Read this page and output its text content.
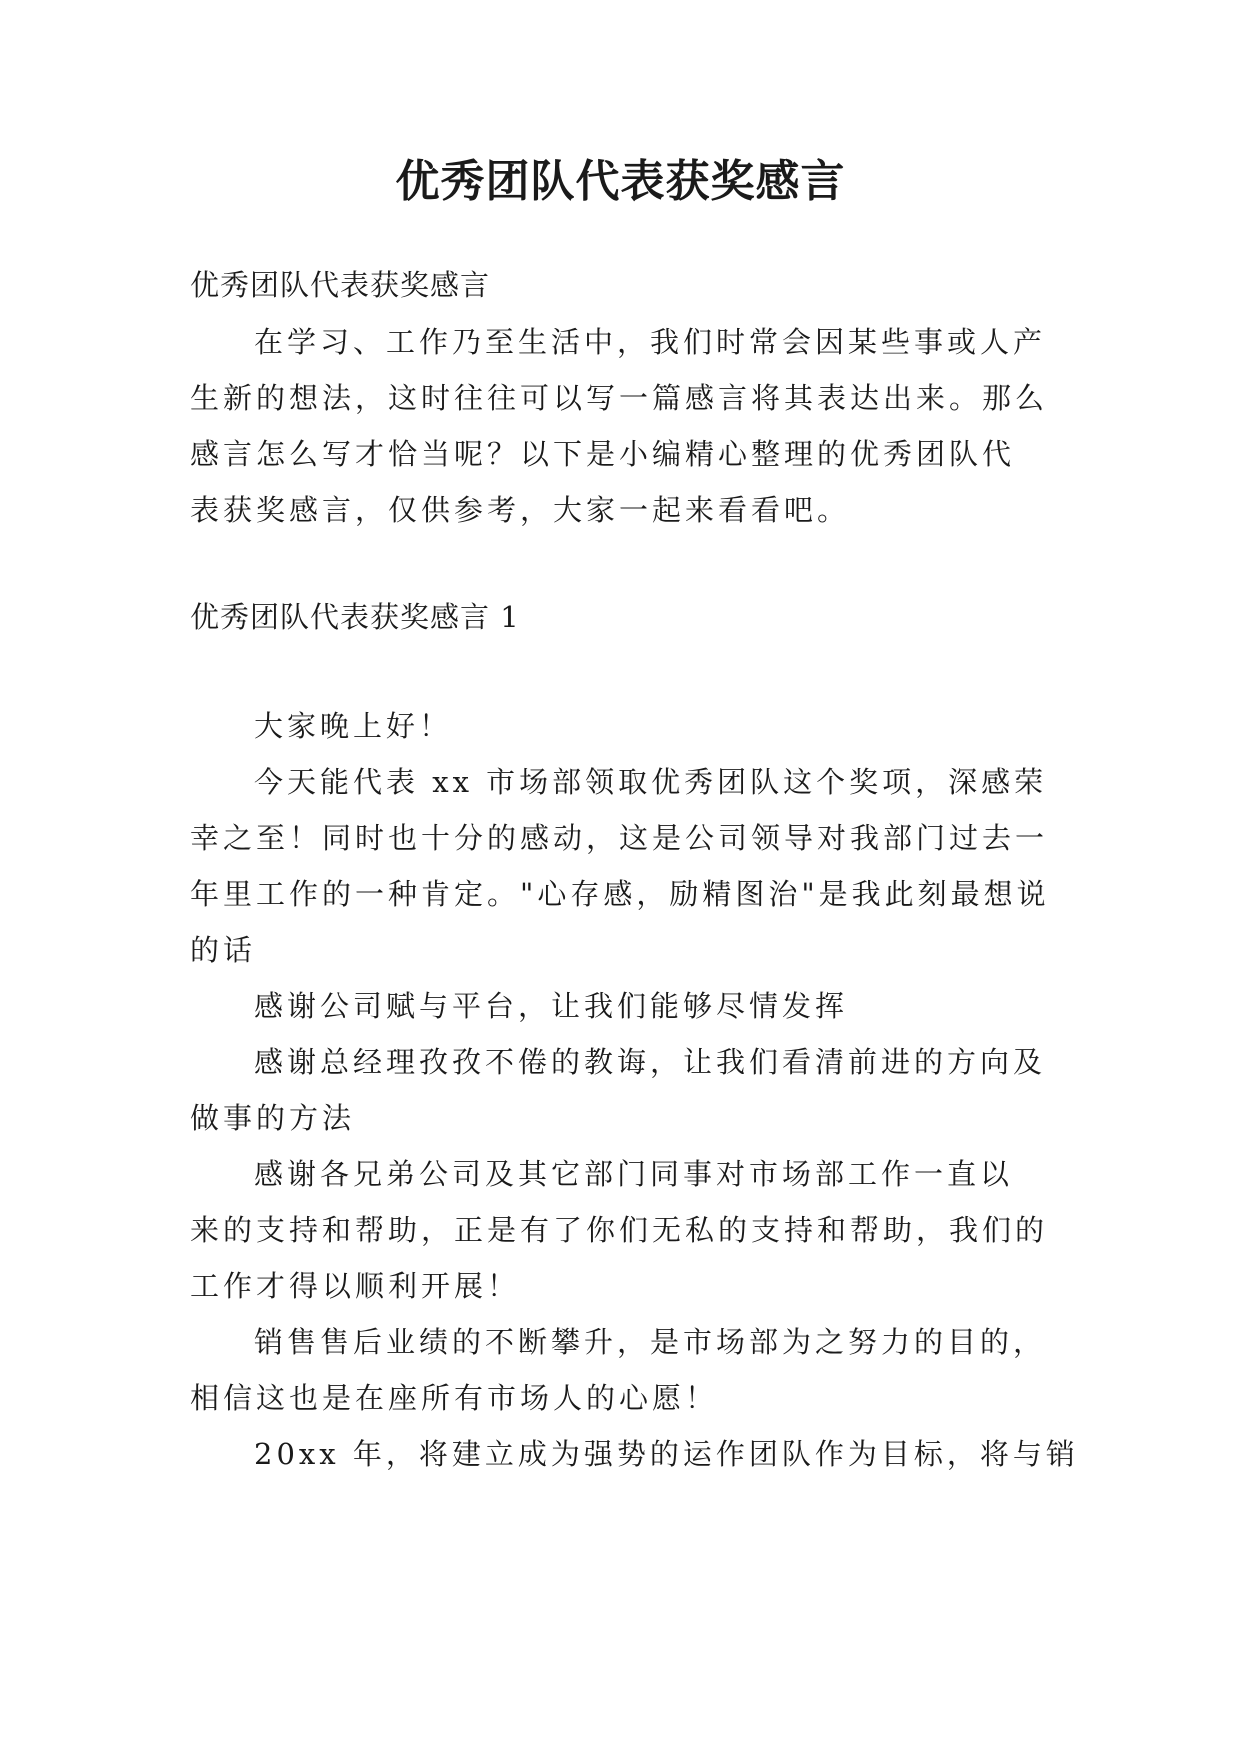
优秀团队代表获奖感言

优秀团队代表获奖感言

在学习、工作乃至生活中，我们时常会因某些事或人产

生新的想法，这时往往可以写一篇感言将其表达出来。那么

感言怎么写才恰当呢？以下是小编精心整理的优秀团队代

表获奖感言，仅供参考，大家一起来看看吧。

优秀团队代表获奖感言 1

大家晚上好！

今天能代表 xx 市场部领取优秀团队这个奖项，深感荣

幸之至！同时也十分的感动，这是公司领导对我部门过去一

年里工作的一种肯定。"心存感，励精图治"是我此刻最想说

的话

感谢公司赋与平台，让我们能够尽情发挥

感谢总经理孜孜不倦的教诲，让我们看清前进的方向及

做事的方法

感谢各兄弟公司及其它部门同事对市场部工作一直以

来的支持和帮助，正是有了你们无私的支持和帮助，我们的

工作才得以顺利开展！

销售售后业绩的不断攀升，是市场部为之努力的目的，

相信这也是在座所有市场人的心愿！

20xx 年，将建立成为强势的运作团队作为目标，将与销
